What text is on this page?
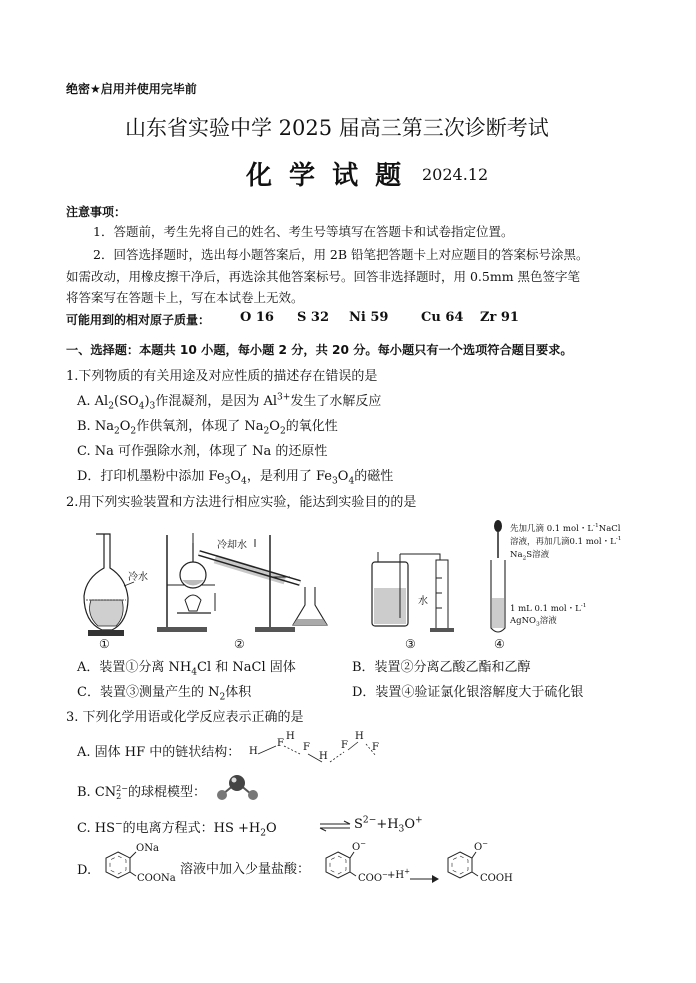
绝密★启用并使用完毕前
山东省实验中学 2025 届高三第三次诊断考试
化 学 试 题 2024.12
注意事项：
1．答题前，考生先将自己的姓名、考生号等填写在答题卡和试卷指定位置。
2．回答选择题时，选出每小题答案后，用 2B 铅笔把答题卡上对应题目的答案标号涂黑。
如需改动，用橡皮擦干净后，再选涂其他答案标号。回答非选择题时，用 0.5mm 黑色签字笔
将答案写在答题卡上，写在本试卷上无效。
可能用到的相对原子质量： O 16 S 32 Ni 59	Cu 64 Zr 91
一、选择题：本题共 10 小题，每小题 2 分，共 20 分。每小题只有一个选项符合题目要求。
1.下列物质的有关用途及对应性质的描述存在错误的是
A. $Al_2(SO_4)_3$作混凝剂，是因为 $Al^{3+}$发生了水解反应
B. $Na_2O_2$作供氧剂，体现了 $Na_2O_2$的氧化性
C. Na 可作强除水剂，体现了 Na 的还原性
D．打印机墨粉中添加 $Fe_3O_4$，是利用了 $Fe_3O_4$的磁性
2.用下列实验装置和方法进行相应实验，能达到实验目的的是
冷水
①
冷却水
②
水
③
先加几滴 0.1 mol・$L^{-1}NaCl$
溶液，再加几滴0.1 mol・$L^{-1}$
$Na_2S$溶液
1 mL 0.1 mol・$L^{-1}$
AgNO$_3$溶液
④
A．装置①分离 $NH_4Cl$ 和 NaCl 固体	B．装置②分离乙酸乙酯和乙醇
C．装置③测量产生的 $N_2$体积	D．装置④验证氯化银溶解度大于硫化银
3. 下列化学用语或化学反应表示正确的是
A. 固体 HF 中的链状结构： H
F
H
F
H
F
H
F
B. CN 2−
2 的球棍模型：
C. HS−的电离方程式：HS $+H_2O$	⇌ $S^{2-}+H_3O^+$
D.
ONa
COONa
溶液中加入少量盐酸：
O−
COO− +H+
O−
COOH
